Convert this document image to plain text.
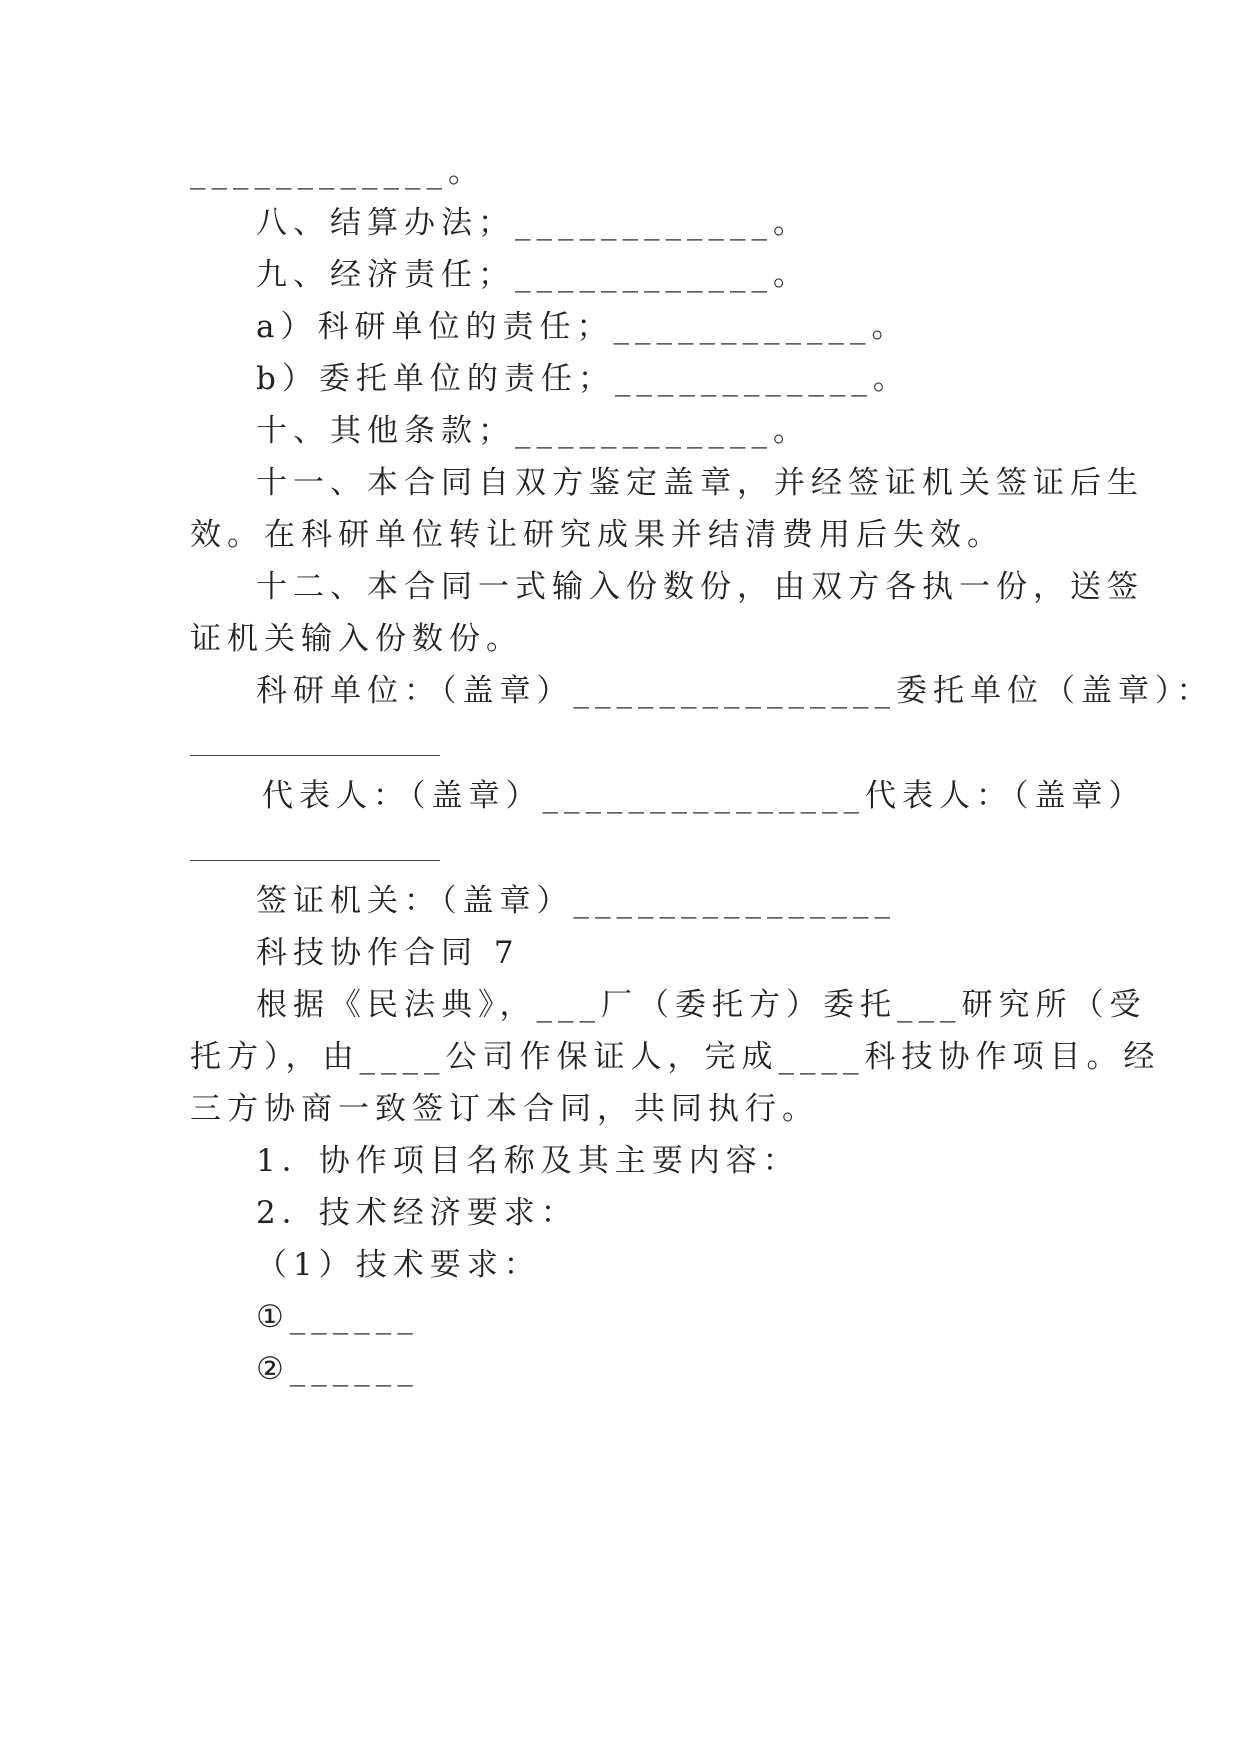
____________。
八、结算办法；____________。
九、经济责任；____________。
a）科研单位的责任；____________。
b）委托单位的责任；____________。
十、其他条款；____________。
十一、本合同自双方鉴定盖章，并经签证机关签证后生
效。在科研单位转让研究成果并结清费用后失效。
十二、本合同一式输入份数份，由双方各执一份，送签
证机关输入份数份。
科研单位：（盖章）_______________委托单位（盖章）：
代表人：（盖章）_______________代表人：（盖章）
签证机关：（盖章）_______________
科技协作合同 7
根据《民法典》，___厂（委托方）委托___研究所（受
托方），由____公司作保证人，完成____科技协作项目。经
三方协商一致签订本合同，共同执行。
1．协作项目名称及其主要内容：
2．技术经济要求：
（1）技术要求：
①______
②______
